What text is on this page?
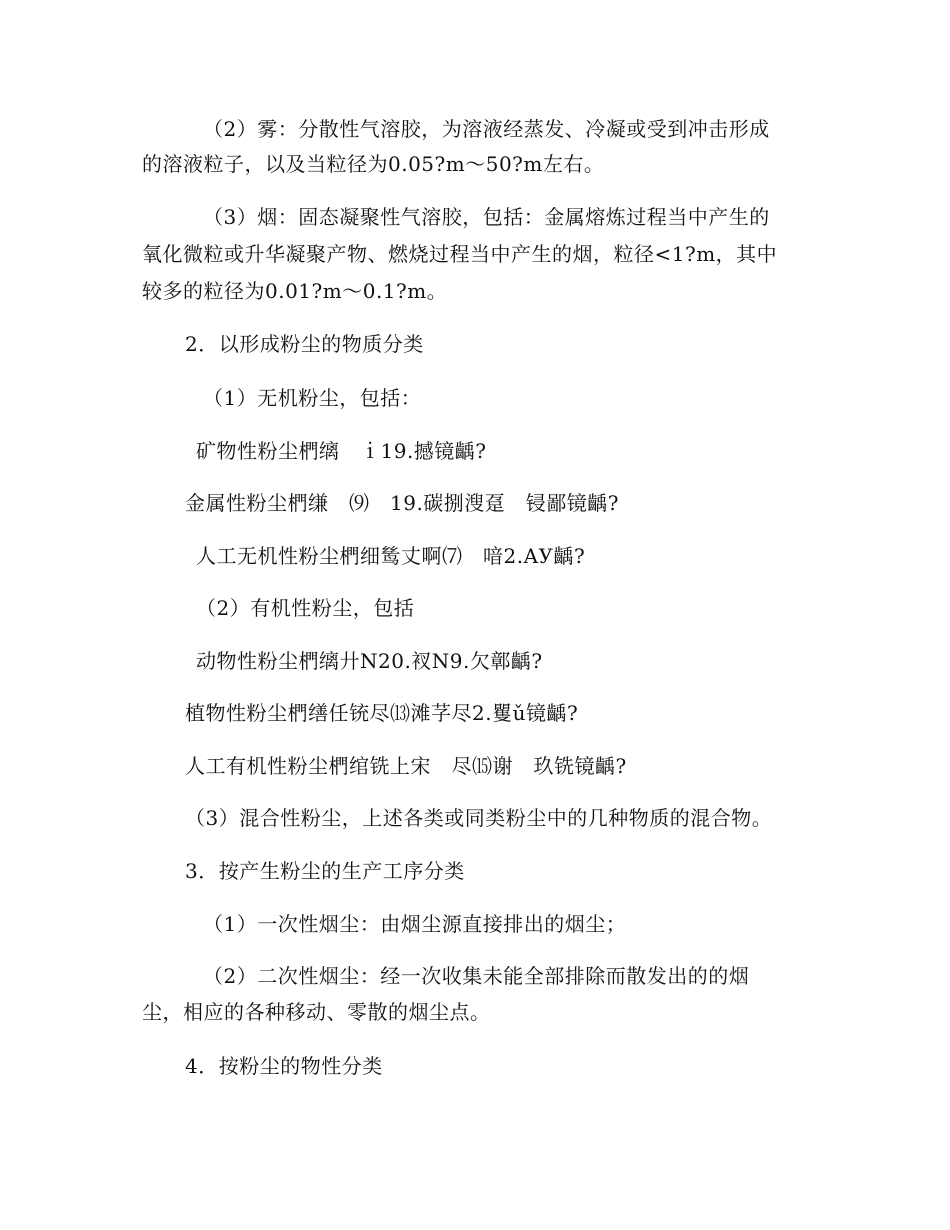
（2）雾：分散性气溶胶，为溶液经蒸发、冷凝或受到冲击形成
的溶液粒子，以及当粒径为0.05?m～50?m左右。
（3）烟：固态凝聚性气溶胶，包括：金属熔炼过程当中产生的
氧化微粒或升华凝聚产物、燃烧过程当中产生的烟，粒径<1?m，其中
较多的粒径为0.01?m～0.1?m。
2．以形成粉尘的物质分类
（1）无机粉尘，包括：
矿物性粉尘椚缡　ｉ19.撼镜齲?
金属性粉尘椚缣　⑼　19.碳捌溲趸　锓鄙镜齲?
人工无机性粉尘椚细鸶丈啊⑺　喑2.AУ齲?
（2）有机性粉尘，包括
动物性粉尘椚缡廾N20.衩N9.欠鄣齲?
植物性粉尘椚缮任铳尽⒀滩芓尽2.矍ǔ镜齲?
人工有机性粉尘椚绾铣上宋　尽⒂谢　玖铣镜齲?
（3）混合性粉尘，上述各类或同类粉尘中的几种物质的混合物。
3．按产生粉尘的生产工序分类
（1）一次性烟尘：由烟尘源直接排出的烟尘；
（2）二次性烟尘：经一次收集未能全部排除而散发出的的烟
尘，相应的各种移动、零散的烟尘点。
4．按粉尘的物性分类
